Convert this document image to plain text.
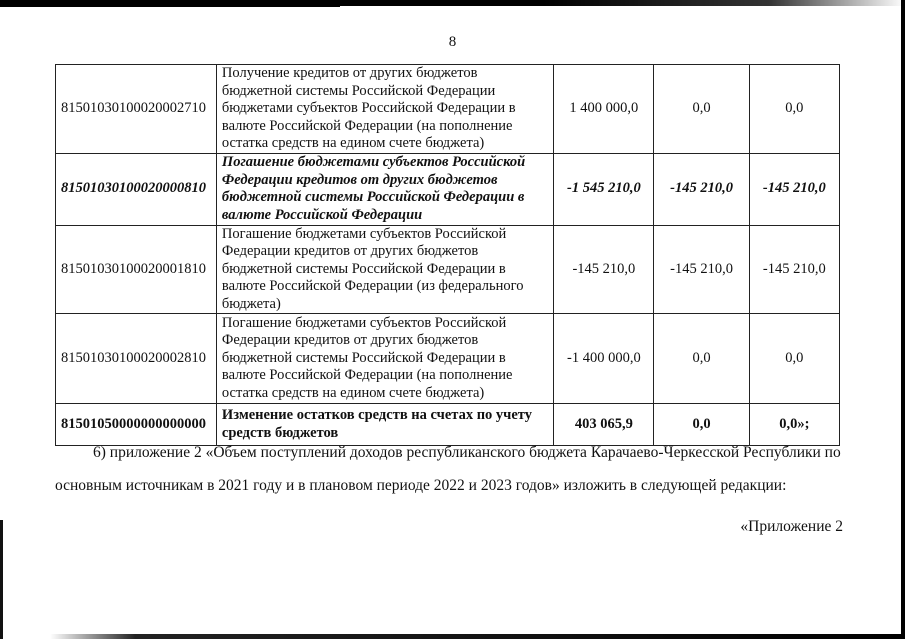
8
81501030100020002710	Получение кредитов от других бюджетов бюджетной системы Российской Федерации бюджетами субъектов Российской Федерации в валюте Российской Федерации (на пополнение остатка средств на едином счете бюджета)	1 400 000,0	0,0	0,0
81501030100020000810	Погашение бюджетами субъектов Российской Федерации кредитов от других бюджетов бюджетной системы Российской Федерации в валюте Российской Федерации	-1 545 210,0	-145 210,0	-145 210,0
81501030100020001810	Погашение бюджетами субъектов Российской Федерации кредитов от других бюджетов бюджетной системы Российской Федерации в валюте Российской Федерации (из федерального бюджета)	-145 210,0	-145 210,0	-145 210,0
81501030100020002810	Погашение бюджетами субъектов Российской Федерации кредитов от других бюджетов бюджетной системы Российской Федерации в валюте Российской Федерации (на пополнение остатка средств на едином счете бюджета)	-1 400 000,0	0,0	0,0
81501050000000000000	Изменение остатков средств на счетах по учету средств бюджетов	403 065,9	0,0	0,0»;
6) приложение 2 «Объем поступлений доходов республиканского бюджета Карачаево-Черкесской Республики по
основным источникам в 2021 году и в плановом периоде 2022 и 2023 годов» изложить в следующей редакции:
«Приложение 2
